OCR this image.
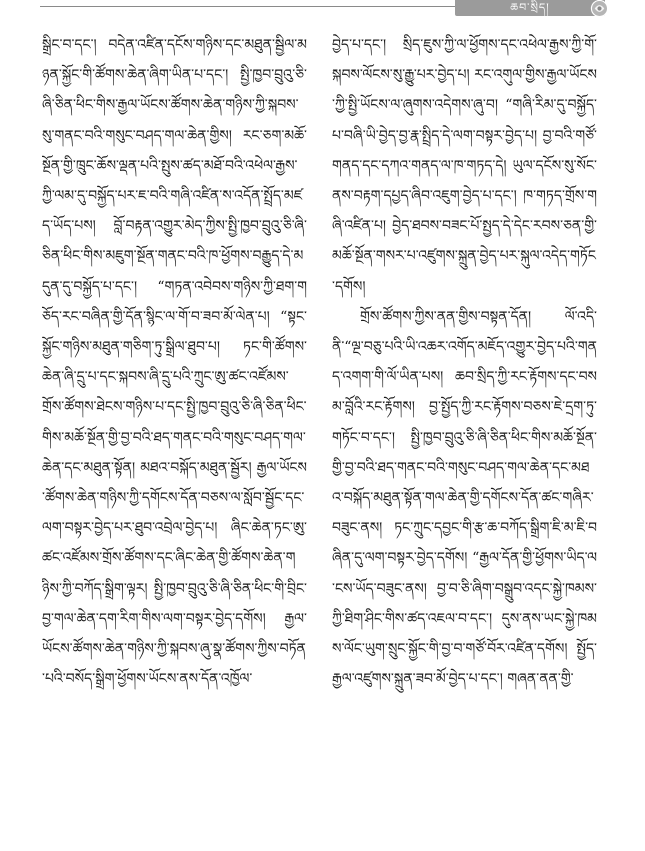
ཆབ་སྲིད།

སྒྲིང་བ་དང་། བདེན་འཛིན་དངོས་གཉིས་དང་མཐུན་སྦྱིལ་མཉན་སྐྱོང་གི་ཚོགས་ཆེན་ཞིག་ཡིན་པ་དང་། སྤྱི་ཁྱབ་བྲུའུ་ཅི་ཞི་ཅིན་ཕིང་གིས་རྒྱལ་ཡོངས་ཚོགས་ཆེན་གཉིས་ཀྱི་སྐབས་སུ་གནང་བའི་གསུང་བཤད་གལ་ཆེན་གྱིས། རང་ཅག་མཆོ་སྔོན་གྱི་ཁྲུང་ཆོས་ལྡན་པའི་སྤུས་ཚད་མཐོ་བའི་འཕེལ་རྒྱས་ཀྱི་ལམ་དུ་བསྐྱོད་པར་ཇ་བའི་གཞི་འཛིན་ས་འདོན་སྤྲོད་མཛད་ཡོད་པས། བློ་བརྟན་འགྱུར་མེད་ཀྱིས་སྤྱི་ཁྱབ་བྲུའུ་ཅི་ཞི་ཅིན་ཕིང་གིས་མཇུག་སྔོན་གནང་བའི་ཁ་ཕྱོགས་བརྒྱུད་དེ་མདུན་དུ་བསྐྱོད་པ་དང་། “གཏན་འབེབས་གཉིས་ཀྱི་ཐག་གཅོད་རང་བཞིན་གྱི་དོན་སྙིང་ལ་གོ་བ་ཟབ་མོ་ལེན་པ། “སྟང་སྐྱོང་གཉིས་མཐུན་གཅིག་ཏུ་སྒྲིལ་ཐུབ་པ། ཏང་གི་ཚོགས་ཆེན་ཞི་དྲུ་པ་དང་སྐབས་ཞི་དྲུ་པའི་ཀྲུང་ཨུ་ཚང་འཛོམས་གྲོས་ཚོགས་ཐེངས་གཉིས་པ་དང་སྤྱི་ཁྱབ་བྲུའུ་ཅི་ཞི་ཅིན་ཕིང་གིས་མཆོ་སྔོན་གྱི་བྱ་བའི་ཐད་གནང་བའི་གསུང་བཤད་གལ་ཆེན་དང་མཐུན་སྟོན། མཐའ་བསྐོད་མཐུན་སྦྱོར། རྒྱལ་ཡོངས་ཚོགས་ཆེན་གཉིས་ཀྱི་དགོངས་དོན་བཅས་ལ་སློབ་སྦྱོང་དང་ལག་བསྟར་བྱེད་པར་ཐུབ་འབྲེལ་བྱེད་པ། ཞིང་ཆེན་ཏང་ཨུ་ཚང་འཛོམས་གྲོས་ཚོགས་དང་ཞིང་ཆེན་གྱི་ཚོགས་ཆེན་གཉིས་ཀྱི་བཀོད་སྒྲིག་ལྟར། སྤྱི་ཁྱབ་བྲུའུ་ཅི་ཞི་ཅིན་ཕིང་གི་བྲིང་བྱ་གལ་ཆེན་དག་རིག་གིས་ལག་བསྟར་བྱེད་དགོས། རྒྱལ་ཡོངས་ཚོགས་ཆེན་གཉིས་ཀྱི་སྐབས་ཞུ་སྣ་ཚོགས་ཀྱིས་བཏོན་པའི་བསོད་སྒྲིག་ཕྱོགས་ཡོངས་ནས་དོན་འཁྱོལ་

བྱེད་པ་དང་། སྲིད་ཇུས་ཀྱི་ལ་ཕྱོགས་དང་འཕེལ་རྒྱས་ཀྱི་གོ་སྐབས་ལོངས་སུ་རྒྱུ་པར་བྱེད་པ། རང་འགུལ་གྱིས་རྒྱལ་ཡོངས་ཀྱི་སྤྱི་ཡོངས་ལ་ཞུགས་འདེགས་ཞུ་བ། “གཞི་རིམ་དུ་བསྐྱོད་པ་བཞི་ཡི་བྱེད་བྱ་རྣ་སྤྲིད་དེ་ལག་བསྟར་བྱེད་པ། བྱ་བའི་གཙོ་གནད་དང་དཀའ་གནད་ལ་ཁ་གཏད་དེ། ཡུལ་དངོས་སུ་སོང་ནས་བརྟག་དཔྱད་ཞིབ་འཇུག་བྱེད་པ་དང་། ཁ་གཏད་གྲོས་གཞི་འཛིན་པ། བྱེད་ཐབས་བཟང་པོ་སྤྱད་དེ་དེང་རབས་ཅན་གྱི་མཆོ་སྔོན་གསར་པ་འཛུགས་སྐྲུན་བྱེད་པར་སྐུལ་འདེད་གཏོང་དགོས།

གྲོས་ཚོགས་ཀྱིས་ནན་གྱིས་བསྟན་དོན། ལོ་འདི་ནི་“ལྔ་བཅུ་པའི་ཡི་འཆར་འགོད་མཇོད་འགྱུར་བྱེད་པའི་གནད་འགག་གི་ལོ་ཡིན་པས། ཆབ་སྲིད་ཀྱི་རང་རྟོགས་དང་བསམ་བློའི་རང་རྟོགས། བྱ་སྤྱོད་ཀྱི་རང་རྟོགས་བཅས་ཇེ་དྲག་ཏུ་གཏོང་བ་དང་། སྤྱི་ཁྱབ་བྲུའུ་ཅི་ཞི་ཅིན་ཕིང་གིས་མཆོ་སྔོན་གྱི་བྱ་བའི་ཐད་གནང་བའི་གསུང་བཤད་གལ་ཆེན་དང་མཐའ་བསྐོད་མཐུན་སྟོན་གལ་ཆེན་གྱི་དགོངས་དོན་ཚང་གཞིར་བཟུང་ནས། ཏང་ཀྲུང་དབྱང་གི་རྩ་ཆ་བཀོད་སྒྲིག་ཇི་མ་ཇི་བཞིན་དུ་ལག་བསྟར་བྱེད་དགོས། “རྒྱལ་དོན་གྱི་ཕྱོགས་ཡིད་ལ་ངས་ཡོད་བཟུང་ནས། བྱ་བ་ཅི་ཞིག་བསྒྲུབ་འདང་སྐྱེ་ཁམས་ཀྱི་ཐིག་ཤིང་གིས་ཚད་འཇལ་བ་དང་། དུས་ནས་ཡང་སྐྱེ་ཁམས་ལོང་ཡུག་སྲུང་སྐྱོང་གི་བྱ་བ་གཙོ་བོར་འཛིན་དགོས། སྤྱོད་རྒྱལ་འཛུགས་སྐྲུན་ཟབ་མོ་བྱེད་པ་དང་། གཞན་ནན་གྱི་
